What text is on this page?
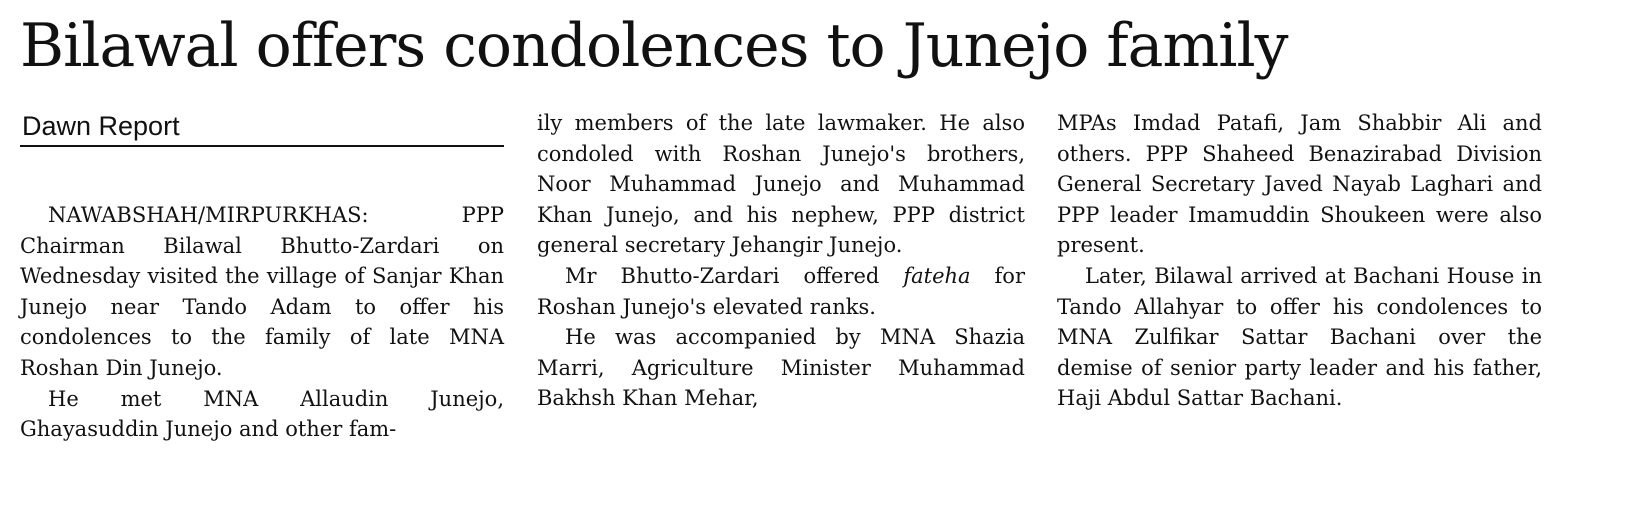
Bilawal offers condolences to Junejo family
Dawn Report

NAWABSHAH/MIRPURKHAS: PPP Chairman Bilawal Bhutto-Zardari on Wednesday visited the village of Sanjar Khan Junejo near Tando Adam to offer his condolences to the family of late MNA Roshan Din Junejo.

He met MNA Allaudin Junejo, Ghayasuddin Junejo and other fam-

ily members of the late lawmaker. He also condoled with Roshan Junejo's brothers, Noor Muhammad Junejo and Muhammad Khan Junejo, and his nephew, PPP district general secretary Jehangir Junejo.

Mr Bhutto-Zardari offered fateha for Roshan Junejo's elevated ranks.

He was accompanied by MNA Shazia Marri, Agriculture Minister Muhammad Bakhsh Khan Mehar,

MPAs Imdad Patafi, Jam Shabbir Ali and others. PPP Shaheed Benazirabad Division General Secretary Javed Nayab Laghari and PPP leader Imamuddin Shoukeen were also present.

Later, Bilawal arrived at Bachani House in Tando Allahyar to offer his condolences to MNA Zulfikar Sattar Bachani over the demise of senior party leader and his father, Haji Abdul Sattar Bachani.
